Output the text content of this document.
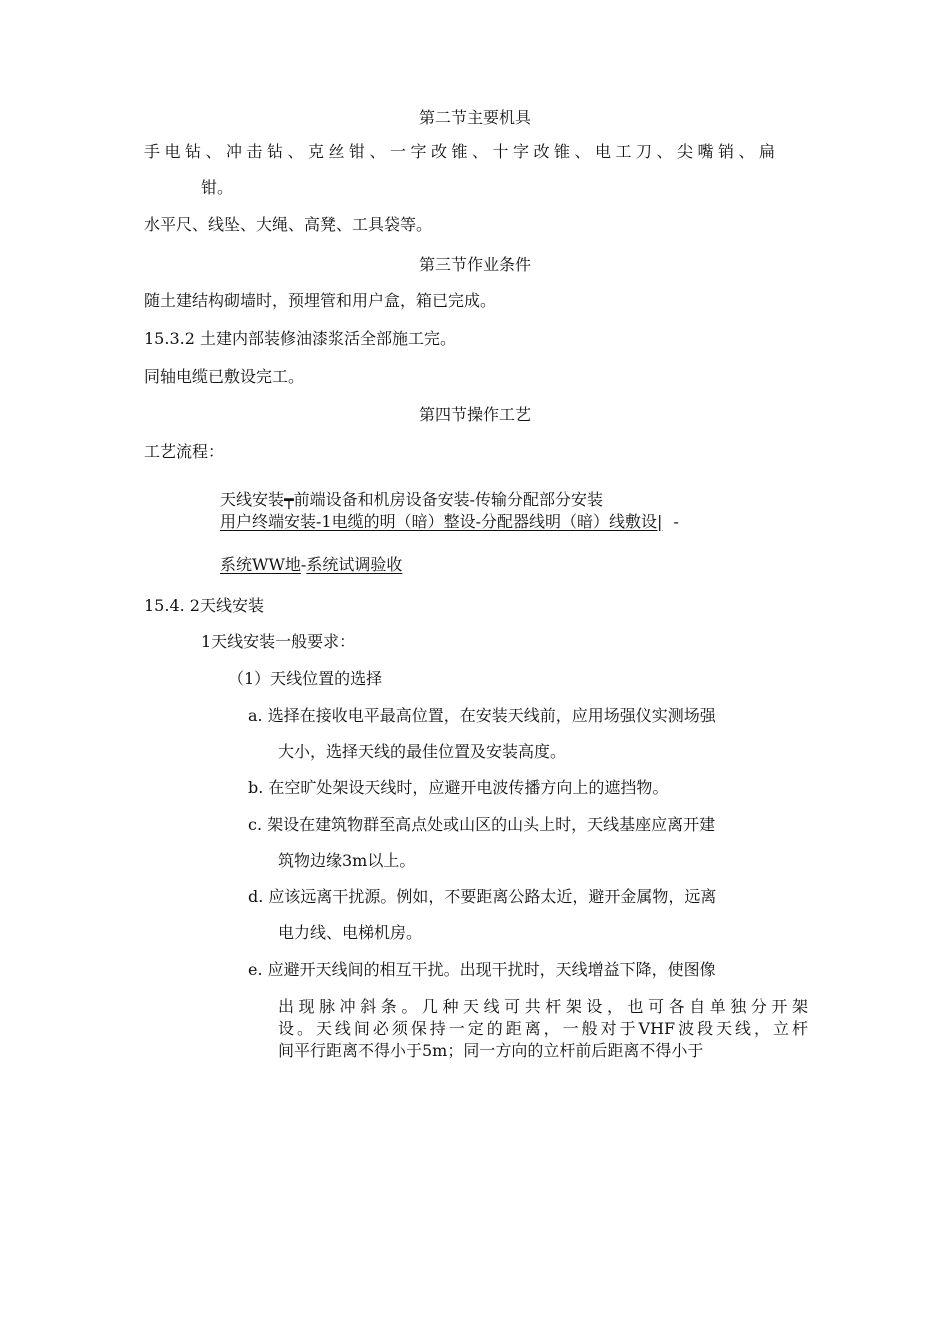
第二节主要机具
手电钻、冲击钻、克丝钳、一字改锥、十字改锥、电工刀、尖嘴销、扁
钳。
水平尺、线坠、大绳、高凳、工具袋等。
第三节作业条件
随土建结构砌墙时，预埋管和用户盒，箱已完成。
15.3.2 土建内部装修油漆浆活全部施工完。
同轴电缆已敷设完工。
第四节操作工艺
工艺流程：
天线安装┯前端设备和机房设备安装-传输分配部分安装
用户终端安装-1电缆的明（暗）整设-分配器线明（暗）线敷设| -
系统WW地-系统试调验收
15.4. 2天线安装
1天线安装一般要求：
（1）天线位置的选择
a. 选择在接收电平最高位置，在安装天线前，应用场强仪实测场强
大小，选择天线的最佳位置及安装高度。
b. 在空旷处架设天线时，应避开电波传播方向上的遮挡物。
c. 架设在建筑物群至高点处或山区的山头上时，天线基座应离开建
筑物边缘3m以上。
d. 应该远离干扰源。例如，不要距离公路太近，避开金属物，远离
电力线、电梯机房。
e. 应避开天线间的相互干扰。出现干扰时，天线增益下降，使图像
出现脉冲斜条。几种天线可共杆架设，也可各自单独分开架
设。天线间必须保持一定的距离，一般对于VHF波段天线，立杆
间平行距离不得小于5m；同一方向的立杆前后距离不得小于
